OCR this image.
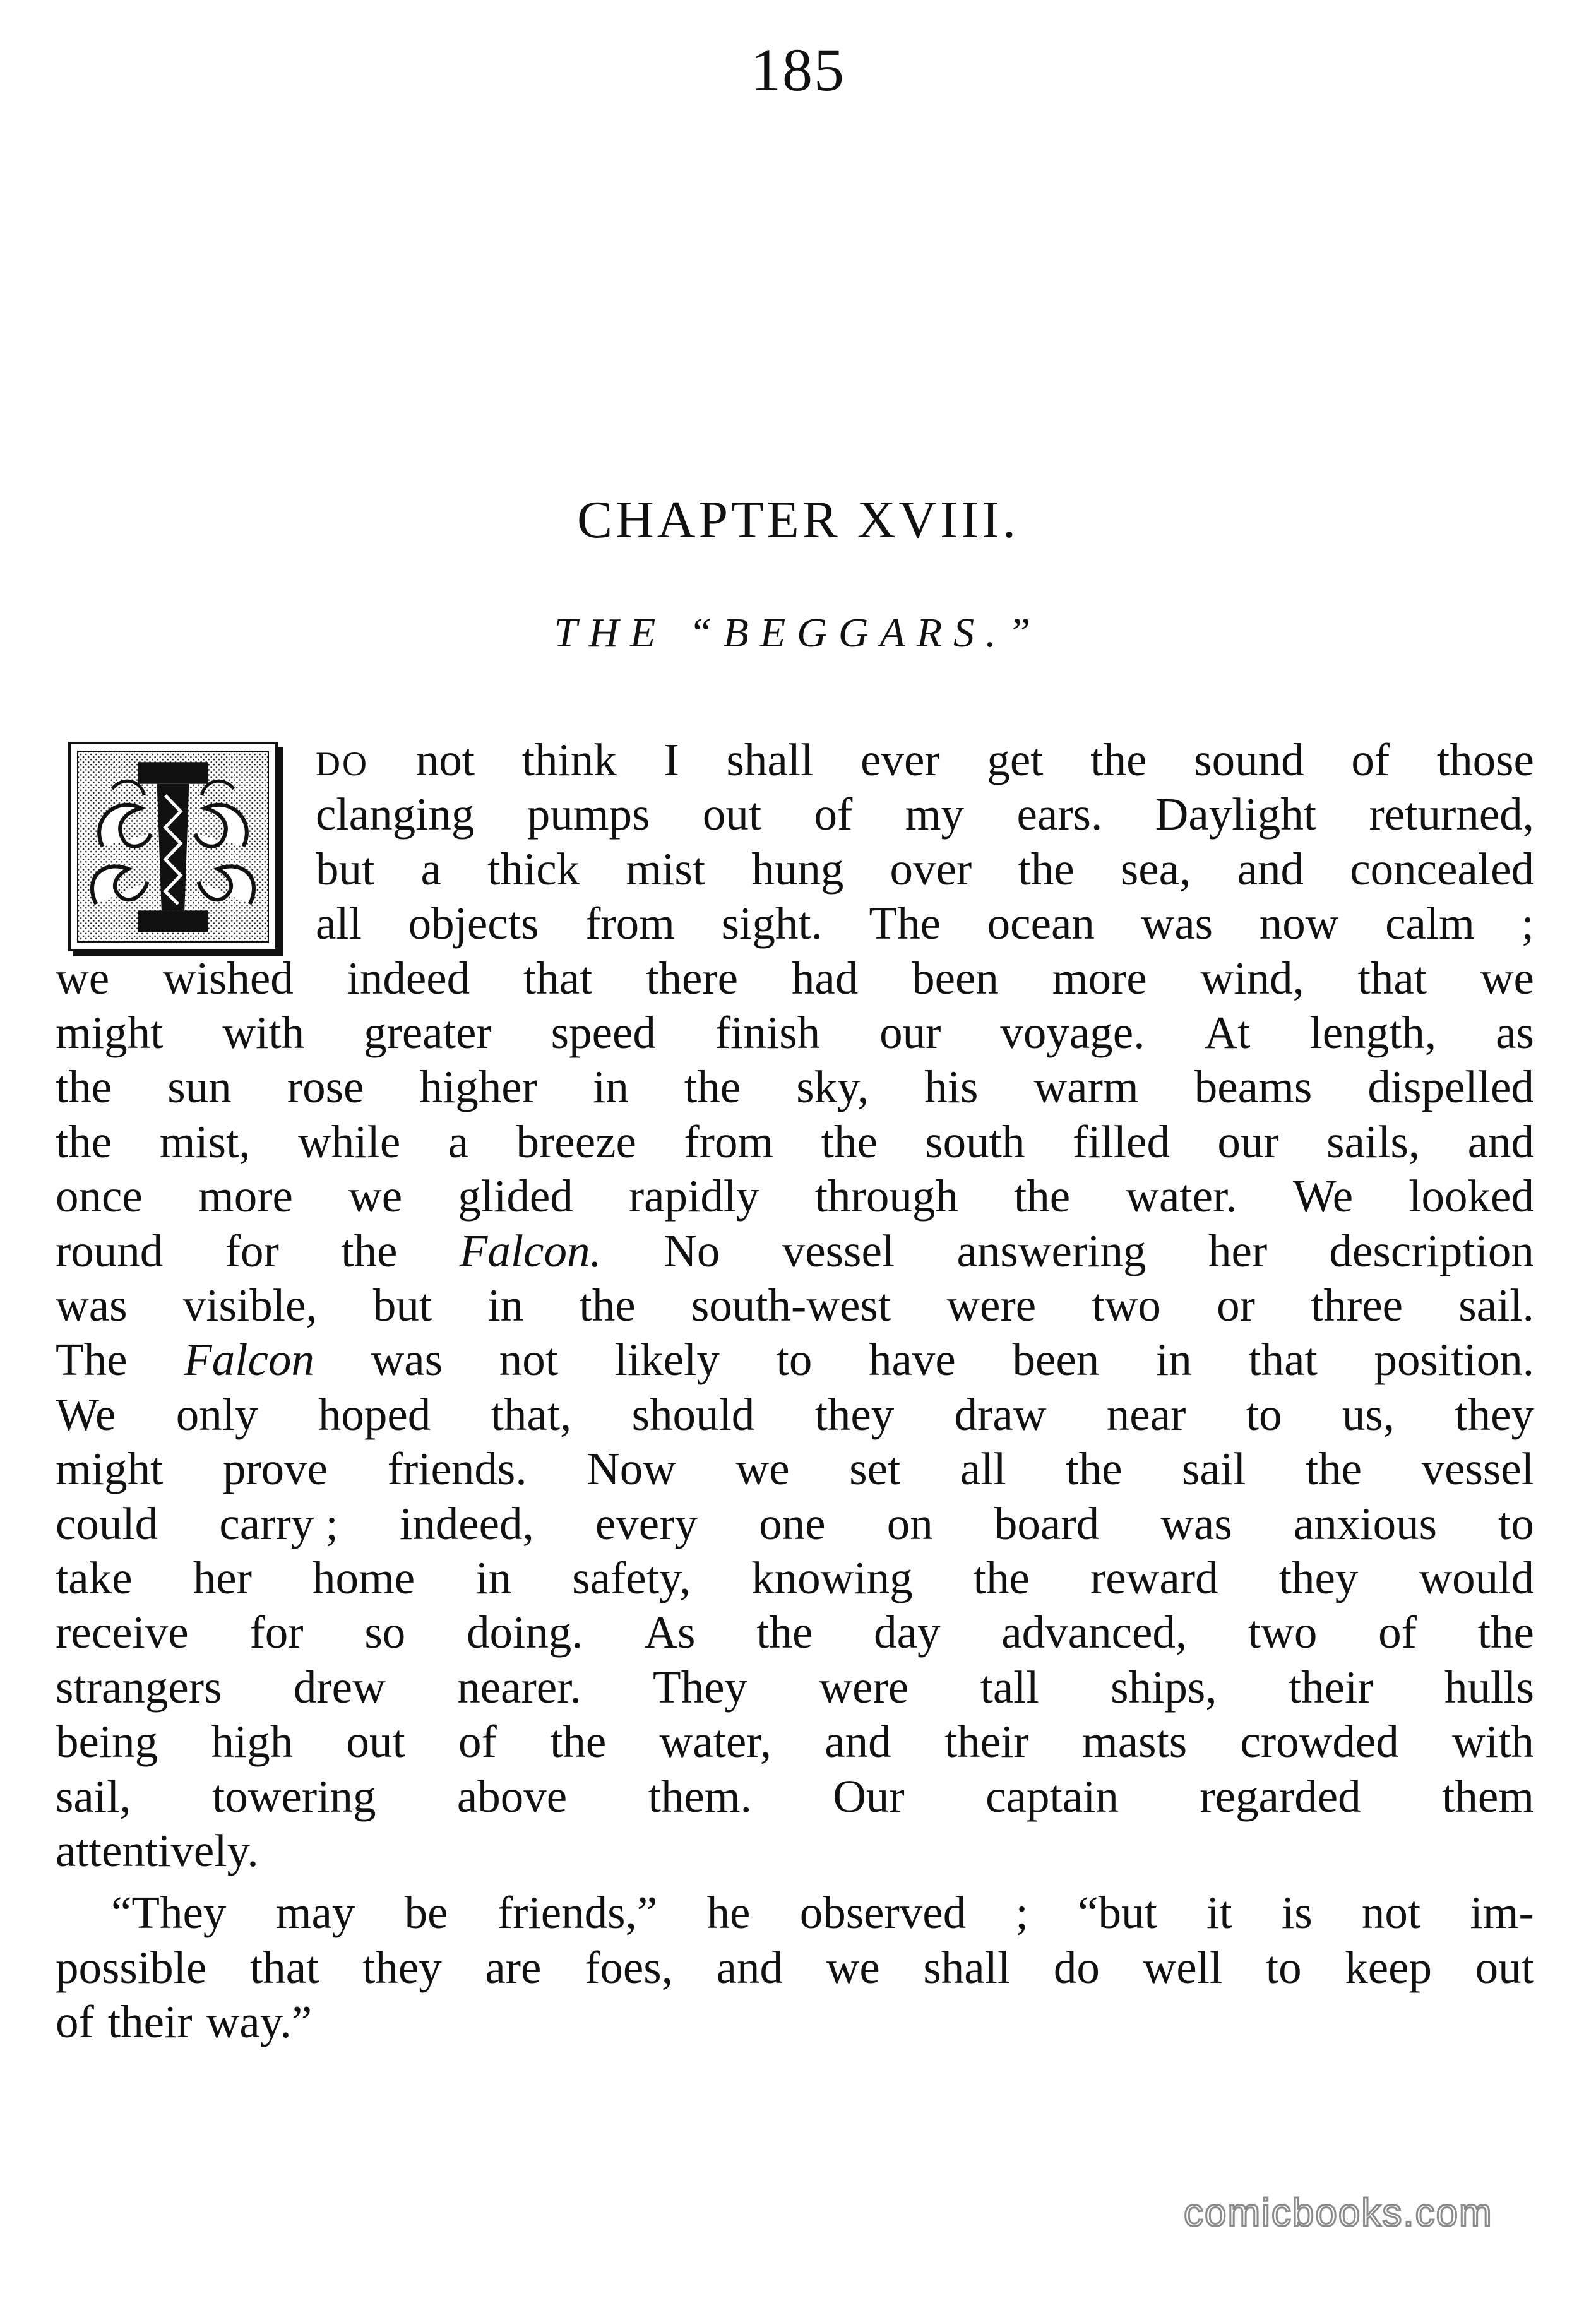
185
CHAPTER XVIII.
THE “BEGGARS.”
DO not think I shall ever get the sound of those
clanging pumps out of my ears. Daylight returned,
but a thick mist hung over the sea, and concealed
all objects from sight. The ocean was now calm ;
we wished indeed that there had been more wind, that we
might with greater speed finish our voyage. At length, as
the sun rose higher in the sky, his warm beams dispelled
the mist, while a breeze from the south filled our sails, and
once more we glided rapidly through the water. We looked
round for the Falcon. No vessel answering her description
was visible, but in the south-west were two or three sail.
The Falcon was not likely to have been in that position.
We only hoped that, should they draw near to us, they
might prove friends. Now we set all the sail the vessel
could carry ; indeed, every one on board was anxious to
take her home in safety, knowing the reward they would
receive for so doing. As the day advanced, two of the
strangers drew nearer. They were tall ships, their hulls
being high out of the water, and their masts crowded with
sail, towering above them. Our captain regarded them
attentively.
“They may be friends,” he observed ; “but it is not im-
possible that they are foes, and we shall do well to keep out
of their way.”
comicbooks.com
